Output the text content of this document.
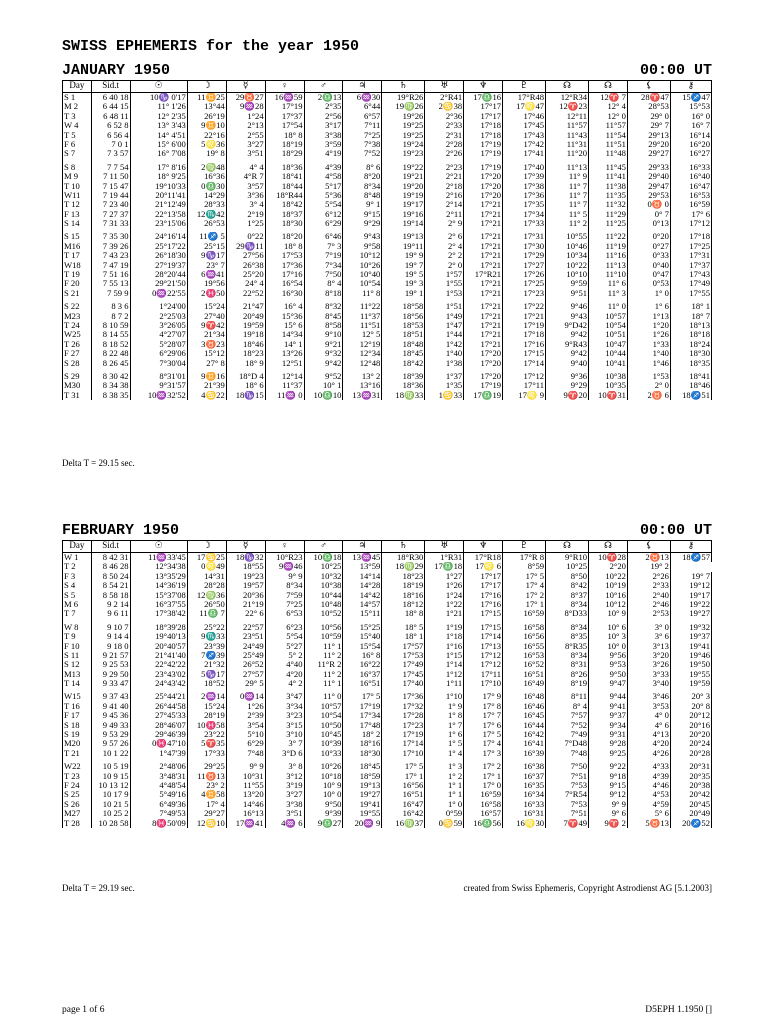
SWISS EPHEMERIS for the year 1950
JANUARY 1950	00:00 UT
Day	Sid.t	☉	☽	☿	♀	♂	♃	♄	♅	♆	♇	☊	☊	⚸	⚷
S 1	6 40 18	10♑ 0'17	11♊25	29♉27	16♒59	2♎13	6♒30	19°R26	2°R41	17♎16	17°R48	12°R34	12♈ 7	28♈47	15♐47
M 2	6 44 15	11° 1'26	13°44	9♒28	17°19	2°35	6°44	19♍26	2♋38	17°17	17♌47	12♈23	12° 4	28°53	15°53
T 3	6 48 11	12° 2'35	26°19	1°24	17°37	2°56	6°57	19°26	2°36	17°17	17°46	12°11	12° 0	29° 0	16° 0
W 4	6 52 8	13° 3'43	9♊10	2°13	17°54	3°17	7°11	19°25	2°33	17°18	17°45	11°57	11°57	29° 7	16° 7
T 5	6 56 4	14° 4'51	22°16	2°55	18° 8	3°38	7°25	19°25	2°31	17°18	17°43	11°43	11°54	29°13	16°14
F 6	7 0 1	15° 6'00	5♌36	3°27	18°19	3°59	7°38	19°24	2°28	17°19	17°42	11°31	11°51	29°20	16°20
S 7	7 3 57	16° 7'08	19° 8	3°51	18°29	4°19	7°52	19°23	2°26	17°19	17°41	11°20	11°48	29°27	16°27

S 8	7 7 54	17° 8'16	2♍48	4° 4	18°36	4°39	8° 6	19°22	2°23	17°19	17°40	11°13	11°45	29°33	16°33
M 9	7 11 50	18° 9'25	16°36	4°R 7	18°41	4°58	8°20	19°21	2°21	17°20	17°39	11° 9	11°41	29°40	16°40
T 10	7 15 47	19°10'33	0♎30	3°57	18°44	5°17	8°34	19°20	2°18	17°20	17°38	11° 7	11°38	29°47	16°47
W11	7 19 44	20°11'41	14°29	3°36	18°R44	5°36	8°48	19°19	2°16	17°20	17°36	11° 7	11°35	29°53	16°53
T 12	7 23 40	21°12'49	28°33	3° 4	18°42	5°54	9° 1	19°17	2°14	17°21	17°35	11° 7	11°32	0♉ 0	16°59
F 13	7 27 37	22°13'58	12♏42	2°19	18°37	6°12	9°15	19°16	2°11	17°21	17°34	11° 5	11°29	0° 7	17° 6
S 14	7 31 33	23°15'06	26°53	1°25	18°30	6°29	9°29	19°14	2° 9	17°21	17°33	11° 2	11°25	0°13	17°12

S 15	7 35 30	24°16'14	11♐ 5	0°22	18°20	6°46	9°43	19°13	2° 6	17°21	17°31	10°55	11°22	0°20	17°18
M16	7 39 26	25°17'22	25°15	29♑11	18° 8	7° 3	9°58	19°11	2° 4	17°21	17°30	10°46	11°19	0°27	17°25
T 17	7 43 23	26°18'30	9♑17	27°56	17°53	7°19	10°12	19° 9	2° 2	17°21	17°29	10°34	11°16	0°33	17°31
W18	7 47 19	27°19'37	23° 7	26°38	17°36	7°34	10°26	19° 7	2° 0	17°21	17°27	10°22	11°13	0°40	17°37
T 19	7 51 16	28°20'44	6♒41	25°20	17°16	7°50	10°40	19° 5	1°57	17°R21	17°26	10°10	11°10	0°47	17°43
F 20	7 55 13	29°21'50	19°56	24° 4	16°54	8° 4	10°54	19° 3	1°55	17°21	17°25	9°59	11° 6	0°53	17°49
S 21	7 59 9	0♒22'55	2♓50	22°52	16°30	8°18	11° 8	19° 1	1°53	17°21	17°23	9°51	11° 3	1° 0	17°55

S 22	8 3 6	1°24'00	15°24	21°47	16° 4	8°32	11°22	18°58	1°51	17°21	17°22	9°46	11° 0	1° 6	18° 1
M23	8 7 2	2°25'03	27°40	20°49	15°36	8°45	11°37	18°56	1°49	17°21	17°21	9°43	10°57	1°13	18° 7
T 24	8 10 59	3°26'05	9♈42	19°59	15° 6	8°58	11°51	18°53	1°47	17°21	17°19	9°D42	10°54	1°20	18°13
W25	8 14 55	4°27'07	21°34	19°18	14°34	9°10	12° 5	18°51	1°44	17°21	17°18	9°42	10°51	1°26	18°18
T 26	8 18 52	5°28'07	3♉23	18°46	14° 1	9°21	12°19	18°48	1°42	17°21	17°16	9°R43	10°47	1°33	18°24
F 27	8 22 48	6°29'06	15°12	18°23	13°26	9°32	12°34	18°45	1°40	17°20	17°15	9°42	10°44	1°40	18°30
S 28	8 26 45	7°30'04	27° 8	18° 9	12°51	9°42	12°48	18°42	1°38	17°20	17°14	9°40	10°41	1°46	18°35

S 29	8 30 42	8°31'01	9♊16	18°D 4	12°14	9°52	13° 2	18°39	1°37	17°20	17°12	9°36	10°38	1°53	18°41
M30	8 34 38	9°31'57	21°39	18° 6	11°37	10° 1	13°16	18°36	1°35	17°19	17°11	9°29	10°35	2° 0	18°46
T 31	8 38 35	10♒32'52	4♋22	18♑15	11♒ 0	10♎10	13♒31	18♍33	1♋33	17♎19	17♌ 9	9♈20	10♈31	2♉ 6	18♐51
Delta T = 29.15 sec.
FEBRUARY 1950	00:00 UT
Day	Sid.t	☉	☽	☿	♀	♂	♃	♄	♅	♆	♇	☊	☊	⚸	⚷
W 1	8 42 31	11♒33'45	17♋25	18♑32	10°R23	10♎18	13♒45	18°R30	1°R31	17°R18	17°R 8	9°R10	10♈28	2♉13	18♐57
T 2	8 46 28	12°34'38	0♌49	18°55	9♒46	10°25	13°59	18♍29	17♎18	17♌ 6	8°59	10°25	2°20	19° 2	
F 3	8 50 24	13°35'29	14°31	19°23	9° 9	10°32	14°14	18°23	1°27	17°17	17° 5	8°50	10°22	2°26	19° 7
S 4	8 54 21	14°36'19	28°28	19°57	8°34	10°38	14°28	18°19	1°26	17°17	17° 4	8°42	10°19	2°33	19°12
S 5	8 58 18	15°37'08	12♍36	20°36	7°59	10°44	14°42	18°16	1°24	17°16	17° 2	8°37	10°16	2°40	19°17
M 6	9 2 14	16°37'55	26°50	21°19	7°25	10°48	14°57	18°12	1°22	17°16	17° 1	8°34	10°12	2°46	19°22
T 7	9 6 11	17°38'42	11♎ 7	22° 6	6°53	10°52	15°11	18° 8	1°21	17°15	16°59	8°D33	10° 9	2°53	19°27

W 8	9 10 7	18°39'28	25°22	22°57	6°23	10°56	15°25	18° 5	1°19	17°15	16°58	8°34	10° 6	3° 0	19°32
T 9	9 14 4	19°40'13	9♏33	23°51	5°54	10°59	15°40	18° 1	1°18	17°14	16°56	8°35	10° 3	3° 6	19°37
F 10	9 18 0	20°40'57	23°39	24°49	5°27	11° 1	15°54	17°57	1°16	17°13	16°55	8°R35	10° 0	3°13	19°41
S 11	9 21 57	21°41'40	7♐39	25°49	5° 2	11° 2	16° 8	17°53	1°15	17°12	16°53	8°34	9°56	3°20	19°46
S 12	9 25 53	22°42'22	21°32	26°52	4°40	11°R 2	16°22	17°49	1°14	17°12	16°52	8°31	9°53	3°26	19°50
M13	9 29 50	23°43'02	5♑17	27°57	4°20	11° 2	16°37	17°45	1°12	17°11	16°51	8°26	9°50	3°33	19°55
T 14	9 33 47	24°43'42	18°52	29° 5	4° 2	11° 1	16°51	17°40	1°11	17°10	16°49	8°19	9°47	3°40	19°59

W15	9 37 43	25°44'21	2♒14	0♒14	3°47	11° 0	17° 5	17°36	1°10	17° 9	16°48	8°11	9°44	3°46	20° 3
T 16	9 41 40	26°44'58	15°24	1°26	3°34	10°57	17°19	17°32	1° 9	17° 8	16°46	8° 4	9°41	3°53	20° 8
F 17	9 45 36	27°45'33	28°19	2°39	3°23	10°54	17°34	17°28	1° 8	17° 7	16°45	7°57	9°37	4° 0	20°12
S 18	9 49 33	28°46'07	10♓58	3°54	3°15	10°50	17°48	17°23	1° 7	17° 6	16°44	7°52	9°34	4° 6	20°16
S 19	9 53 29	29°46'39	23°22	5°10	3°10	10°45	18° 2	17°19	1° 6	17° 5	16°42	7°49	9°31	4°13	20°20
M20	9 57 26	0♓47'10	5♈35	6°29	3° 7	10°39	18°16	17°14	1° 5	17° 4	16°41	7°D48	9°28	4°20	20°24
T 21	10 1 22	1°47'39	17°33	7°48	3°D 6	10°33	18°30	17°10	1° 4	17° 3	16°39	7°48	9°25	4°26	20°28

W22	10 5 19	2°48'06	29°25	9° 9	3° 8	10°26	18°45	17° 5	1° 3	17° 2	16°38	7°50	9°22	4°33	20°31
T 23	10 9 15	3°48'31	11♉13	10°31	3°12	10°18	18°59	17° 1	1° 2	17° 1	16°37	7°51	9°18	4°39	20°35
F 24	10 13 12	4°48'54	23° 2	11°55	3°19	10° 9	19°13	16°56	1° 1	17° 0	16°35	7°53	9°15	4°46	20°38
S 25	10 17 9	5°49'16	4♊58	13°20	3°27	10° 0	19°27	16°51	1° 1	16°59	16°34	7°R54	9°12	4°53	20°42
S 26	10 21 5	6°49'36	17° 4	14°46	3°38	9°50	19°41	16°47	1° 0	16°58	16°33	7°53	9° 9	4°59	20°45
M27	10 25 2	7°49'53	29°27	16°13	3°51	9°39	19°55	16°42	0°59	16°57	16°31	7°51	9° 6	5° 6	20°49
T 28	10 28 58	8♓50'09	12♋10	17♒41	4♒ 6	9♎27	20♒ 9	16♍37	0♋59	16♎56	16♌30	7♈49	9♈ 2	5♉13	20♐52
Delta T = 29.19 sec.	created from Swiss Ephemeris, Copyright Astrodienst AG [5.1.2003]
page 1 of 6	D5EPH 1.1950 []
